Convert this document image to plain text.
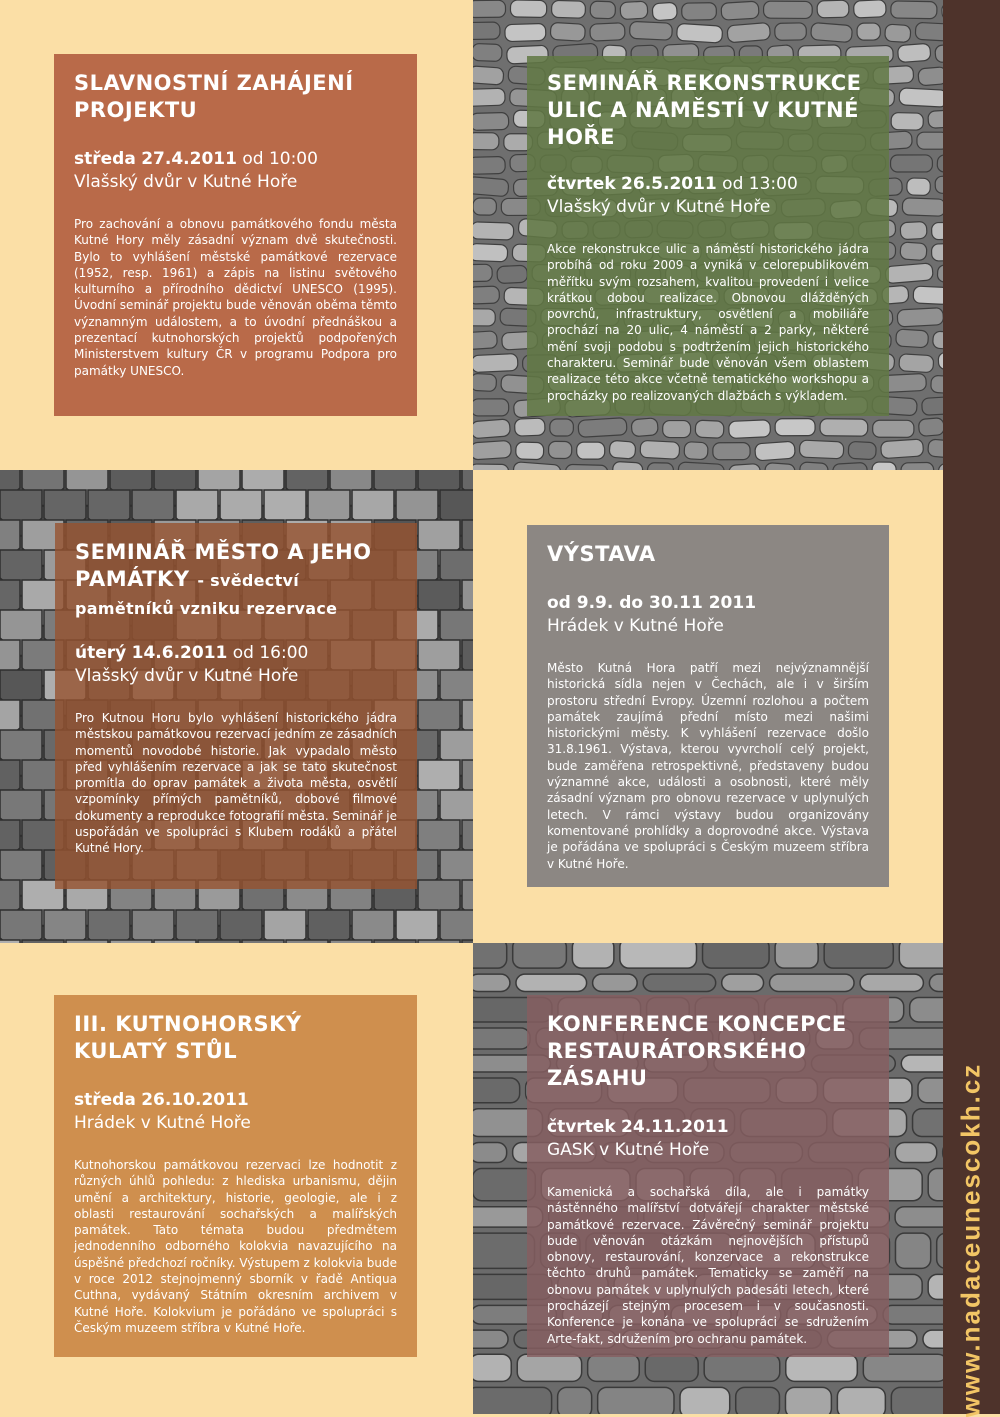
www.nadaceunescokh.cz
SLAVNOSTNÍ ZAHÁJENÍ PROJEKTU

středa 27.4.2011 od 10:00

Vlašský dvůr v Kutné Hoře

Pro zachování a obnovu památkového fondu města Kutné Hory měly zásadní význam dvě skutečnosti. Bylo to vyhlášení městské památkové rezervace (1952, resp. 1961) a zápis na listinu světového kulturního a přírodního dědictví UNESCO (1995). Úvodní seminář projektu bude věnován oběma těmto významným událostem, a to úvodní přednáškou a prezentací kutnohorských projektů podpořených Ministerstvem kultury ČR v programu Podpora pro památky UNESCO.

SEMINÁŘ REKONSTRUKCE ULIC A NÁMĚSTÍ V KUTNÉ HOŘE

čtvrtek 26.5.2011 od 13:00

Vlašský dvůr v Kutné Hoře

Akce rekonstrukce ulic a náměstí historického jádra probíhá od roku 2009 a vyniká v celorepublikovém měřítku svým rozsahem, kvalitou provedení i velice krátkou dobou realizace. Obnovou dlážděných povrchů, infrastruktury, osvětlení a mobiliáře prochází na 20 ulic, 4 náměstí a 2 parky, některé mění svoji podobu s podtržením jejich historického charakteru. Seminář bude věnován všem oblastem realizace této akce včetně tematického workshopu a procházky po realizovaných dlažbách s výkladem.

SEMINÁŘ MĚSTO A JEHO PAMÁTKY - svědectví pamětníků vzniku rezervace

úterý 14.6.2011 od 16:00

Vlašský dvůr v Kutné Hoře

Pro Kutnou Horu bylo vyhlášení historického jádra městskou památkovou rezervací jedním ze zásadních momentů novodobé historie. Jak vypadalo město před vyhlášením rezervace a jak se tato skutečnost promítla do oprav památek a života města, osvětlí vzpomínky přímých pamětníků, dobové filmové dokumenty a reprodukce fotografií města. Seminář je uspořádán ve spolupráci s Klubem rodáků a přátel Kutné Hory.

VÝSTAVA

od 9.9. do 30.11 2011

Hrádek v Kutné Hoře

Město Kutná Hora patří mezi nejvýznamnější historická sídla nejen v Čechách, ale i v širším prostoru střední Evropy. Územní rozlohou a počtem památek zaujímá přední místo mezi našimi historickými městy. K vyhlášení rezervace došlo 31.8.1961. Výstava, kterou vyvrcholí celý projekt, bude zaměřena retrospektivně, představeny budou významné akce, události a osobnosti, které měly zásadní význam pro obnovu rezervace v uplynulých letech. V rámci výstavy budou organizovány komentované prohlídky a doprovodné akce. Výstava je pořádána ve spolupráci s Českým muzeem stříbra v Kutné Hoře.

III. KUTNOHORSKÝ KULATÝ STŮL

středa 26.10.2011

Hrádek v Kutné Hoře

Kutnohorskou památkovou rezervaci lze hodnotit z různých úhlů pohledu: z hlediska urbanismu, dějin umění a architektury, historie, geologie, ale i z oblasti restaurování sochařských a malířských památek. Tato témata budou předmětem jednodenního odborného kolokvia navazujícího na úspěšné předchozí ročníky. Výstupem z kolokvia bude v roce 2012 stejnojmenný sborník v řadě Antiqua Cuthna, vydávaný Státním okresním archivem v Kutné Hoře. Kolokvium je pořádáno ve spolupráci s Českým muzeem stříbra v Kutné Hoře.

KONFERENCE KONCEPCE RESTAURÁTORSKÉHO ZÁSAHU

čtvrtek 24.11.2011

GASK v Kutné Hoře

Kamenická a sochařská díla, ale i památky nástěnného malířství dotvářejí charakter městské památkové rezervace. Závěrečný seminář projektu bude věnován otázkám nejnovějších přístupů obnovy, restaurování, konzervace a rekonstrukce těchto druhů památek. Tematicky se zaměří na obnovu památek v uplynulých padesáti letech, které procházejí stejným procesem i v současnosti. Konference je konána ve spolupráci se sdružením Arte-fakt, sdružením pro ochranu památek.
